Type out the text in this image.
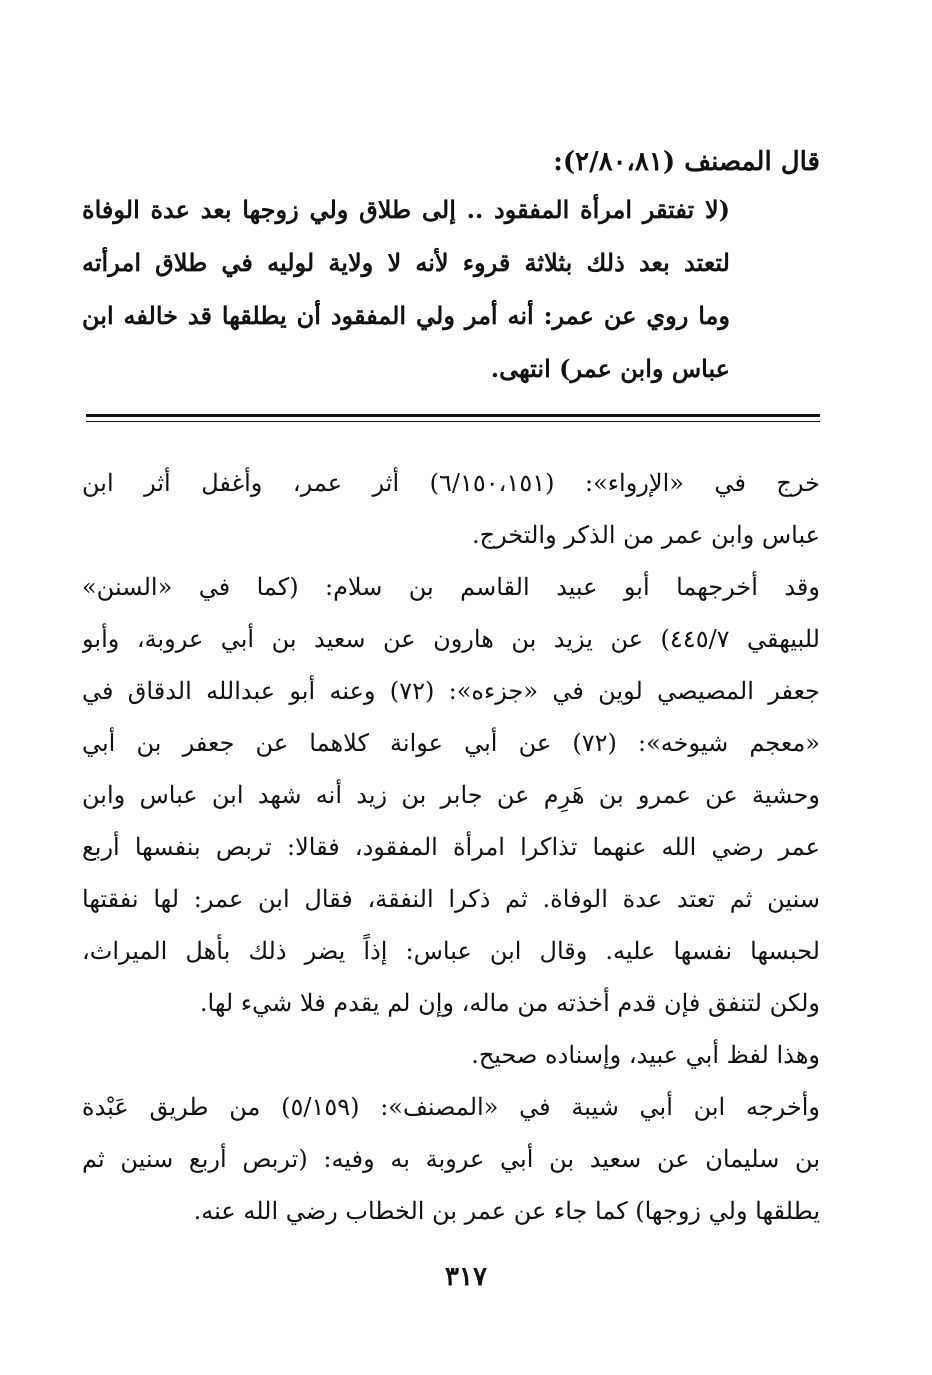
قال المصنف (٢/٨٠،٨١):
(لا تفتقر امرأة المفقود .. إلى طلاق ولي زوجها بعد عدة الوفاة
لتعتد بعد ذلك بثلاثة قروء لأنه لا ولاية لوليه في طلاق امرأته
وما روي عن عمر: أنه أمر ولي المفقود أن يطلقها قد خالفه ابن
عباس وابن عمر) انتهى.
خرج في «الإرواء»: (٦/١٥٠،١٥١) أثر عمر، وأغفل أثر ابن
عباس وابن عمر من الذكر والتخرج.
وقد أخرجهما أبو عبيد القاسم بن سلام: (كما في «السنن»
للبيهقي ٤٤٥/٧) عن يزيد بن هارون عن سعيد بن أبي عروبة، وأبو
جعفر المصيصي لوين في «جزءه»: (٧٢) وعنه أبو عبدالله الدقاق في
«معجم شيوخه»: (٧٢) عن أبي عوانة كلاهما عن جعفر بن أبي
وحشية عن عمرو بن هَرِم عن جابر بن زيد أنه شهد ابن عباس وابن
عمر رضي الله عنهما تذاكرا امرأة المفقود، فقالا: تربص بنفسها أربع
سنين ثم تعتد عدة الوفاة. ثم ذكرا النفقة، فقال ابن عمر: لها نفقتها
لحبسها نفسها عليه. وقال ابن عباس: إذاً يضر ذلك بأهل الميراث،
ولكن لتنفق فإن قدم أخذته من ماله، وإن لم يقدم فلا شيء لها.
وهذا لفظ أبي عبيد، وإسناده صحيح.
وأخرجه ابن أبي شيبة في «المصنف»: (٥/١٥٩) من طريق عَبْدة
بن سليمان عن سعيد بن أبي عروبة به وفيه: (تربص أربع سنين ثم
يطلقها ولي زوجها) كما جاء عن عمر بن الخطاب رضي الله عنه.
٣١٧
